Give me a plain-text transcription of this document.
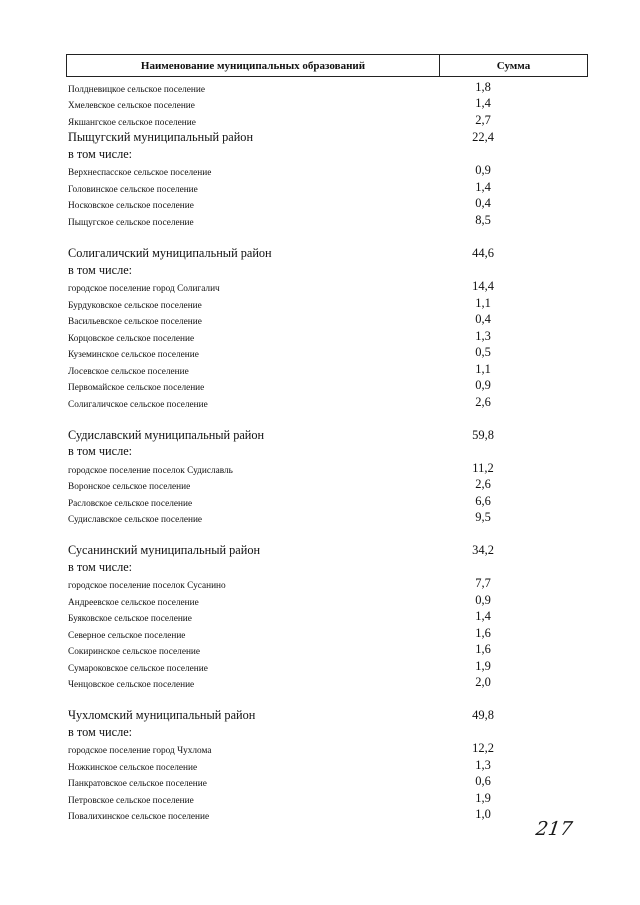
Наименование муниципальных образований	Сумма
Полдневицкое сельское поселение	1,8
Хмелевское сельское поселение	1,4
Якшангское сельское поселение	2,7
Пыщугский муниципальный район	22,4
в том числе:
Верхнеспасское сельское поселение	0,9
Головинское сельское поселение	1,4
Носковское сельское поселение	0,4
Пыщугское сельское поселение	8,5
Солигаличский муниципальный район	44,6
в том числе:
городское поселение город Солигалич	14,4
Бурдуковское сельское поселение	1,1
Васильевское сельское поселение	0,4
Корцовское сельское поселение	1,3
Куземинское сельское поселение	0,5
Лосевское сельское поселение	1,1
Первомайское сельское поселение	0,9
Солигаличское сельское поселение	2,6
Судиславский муниципальный район	59,8
в том числе:
городское поселение поселок Судиславль	11,2
Воронское сельское поселение	2,6
Расловское сельское поселение	6,6
Судиславское сельское поселение	9,5
Сусанинский муниципальный район	34,2
в том числе:
городское поселение поселок Сусанино	7,7
Андреевское сельское поселение	0,9
Буяковское сельское поселение	1,4
Северное сельское поселение	1,6
Сокиринское сельское поселение	1,6
Сумароковское сельское поселение	1,9
Ченцовское сельское поселение	2,0
Чухломский муниципальный район	49,8
в том числе:
городское поселение город Чухлома	12,2
Ножкинское сельское поселение	1,3
Панкратовское сельское поселение	0,6
Петровское сельское поселение	1,9
Повалихинское сельское поселение	1,0
217
